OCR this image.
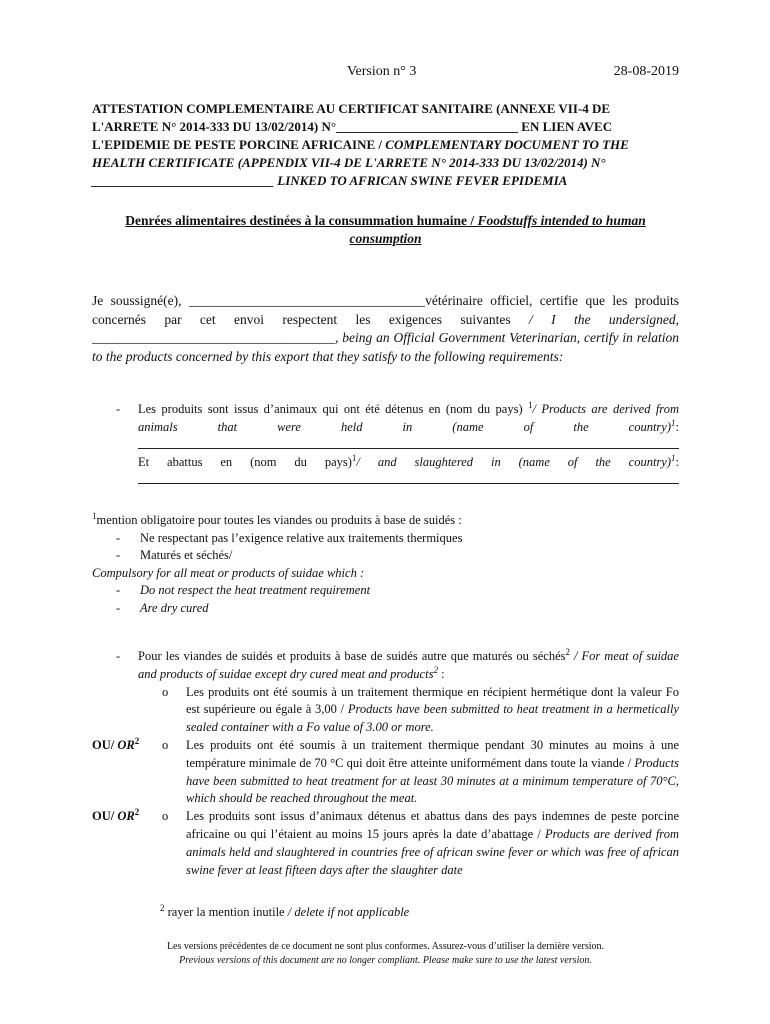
Version n° 3	28-08-2019
ATTESTATION COMPLEMENTAIRE AU CERTIFICAT SANITAIRE (ANNEXE VII-4 DE L'ARRETE N° 2014-333 DU 13/02/2014) N°____________________________ EN LIEN AVEC L'EPIDEMIE DE PESTE PORCINE AFRICAINE / COMPLEMENTARY DOCUMENT TO THE HEALTH CERTIFICATE (APPENDIX VII-4 DE L'ARRETE N° 2014-333 DU 13/02/2014) N° ____________________________ LINKED TO AFRICAN SWINE FEVER EPIDEMIA
Denrées alimentaires destinées à la consummation humaine / Foodstuffs intended to human consumption
Je soussigné(e), ___________________________________vétérinaire officiel, certifie que les produits concernés par cet envoi respectent les exigences suivantes / I the undersigned, ____________________________________, being an Official Government Veterinarian, certify in relation to the products concerned by this export that they satisfy to the following requirements:
- Les produits sont issus d’animaux qui ont été détenus en (nom du pays) $^1$/ Products are derived from animals that were held in (name of the country)$^1$:
Et abattus en (nom du pays)$^1$/ and slaughtered in (name of the country)$^1$:
$^1$mention obligatoire pour toutes les viandes ou produits à base de suidés :
- Ne respectant pas l’exigence relative aux traitements thermiques
- Maturés et séchés/
Compulsory for all meat or products of suidae which :
- Do not respect the heat treatment requirement
- Are dry cured
- Pour les viandes de suidés et produits à base de suidés autre que maturés ou séchés$^2$ / For meat of suidae and products of suidae except dry cured meat and products$^2$ :
o Les produits ont été soumis à un traitement thermique en récipient hermétique dont la valeur Fo est supérieure ou égale à 3,00 / Products have been submitted to heat treatment in a hermetically sealed container with a Fo value of 3.00 or more.
OU/ $OR^2$ o Les produits ont été soumis à un traitement thermique pendant 30 minutes au moins à une température minimale de 70 °C qui doit être atteinte uniformément dans toute la viande / Products have been submitted to heat treatment for at least 30 minutes at a minimum temperature of 70°C, which should be reached throughout the meat.
OU/ $OR^2$ o Les produits sont issus d’animaux détenus et abattus dans des pays indemnes de peste porcine africaine ou qui l’étaient au moins 15 jours après la date d’abattage / Products are derived from animals held and slaughtered in countries free of african swine fever or which was free of african swine fever at least fifteen days after the slaughter date
$^2$ rayer la mention inutile / delete if not applicable
Les versions précédentes de ce document ne sont plus conformes. Assurez-vous d’utiliser la dernière version.
Previous versions of this document are no longer compliant. Please make sure to use the latest version.
